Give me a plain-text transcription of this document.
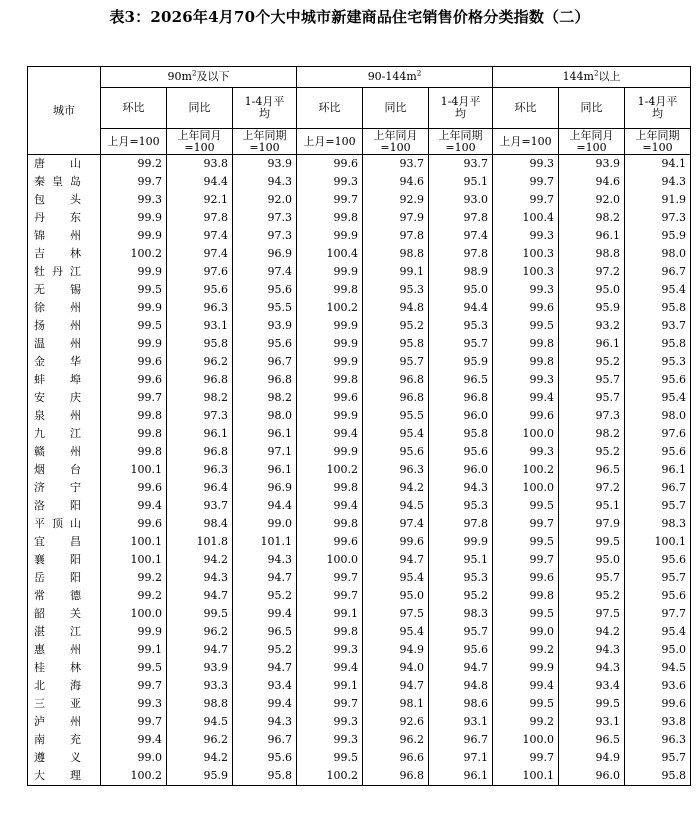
表3：2026年4月70个大中城市新建商品住宅销售价格分类指数（二）
城市	$90m^2$及以下			$90-144m^2$			$144m^2$以上		
	环比	同比	1-4月平均	环比	同比	1-4月平均	环比	同比	1-4月平均
	上月=100	上年同月=100	上年同期=100	上月=100	上年同月=100	上年同期=100	上月=100	上年同月=100	上年同期=100
唐山	99.2	93.8	93.9	99.6	93.7	93.7	99.3	93.9	94.1
秦皇岛	99.7	94.4	94.3	99.3	94.6	95.1	99.7	94.6	94.3
包头	99.3	92.1	92.0	99.7	92.9	93.0	99.7	92.0	91.9
丹东	99.9	97.8	97.3	99.8	97.9	97.8	100.4	98.2	97.3
锦州	99.9	97.4	97.3	99.9	97.8	97.4	99.3	96.1	95.9
吉林	100.2	97.4	96.9	100.4	98.8	97.8	100.3	98.8	98.0
牡丹江	99.9	97.6	97.4	99.9	99.1	98.9	100.3	97.2	96.7
无锡	99.5	95.6	95.6	99.8	95.3	95.0	99.3	95.0	95.4
徐州	99.9	96.3	95.5	100.2	94.8	94.4	99.6	95.9	95.8
扬州	99.5	93.1	93.9	99.9	95.2	95.3	99.5	93.2	93.7
温州	99.9	95.8	95.6	99.9	95.8	95.7	99.8	96.1	95.8
金华	99.6	96.2	96.7	99.9	95.7	95.9	99.8	95.2	95.3
蚌埠	99.6	96.8	96.8	99.8	96.8	96.5	99.3	95.7	95.6
安庆	99.7	98.2	98.2	99.6	96.8	96.8	99.4	95.7	95.4
泉州	99.8	97.3	98.0	99.9	95.5	96.0	99.6	97.3	98.0
九江	99.8	96.1	96.1	99.4	95.4	95.8	100.0	98.2	97.6
赣州	99.8	96.8	97.1	99.9	95.6	95.6	99.3	95.2	95.6
烟台	100.1	96.3	96.1	100.2	96.3	96.0	100.2	96.5	96.1
济宁	99.6	96.4	96.9	99.8	94.2	94.3	100.0	97.2	96.7
洛阳	99.4	93.7	94.4	99.4	94.5	95.3	99.5	95.1	95.7
平顶山	99.6	98.4	99.0	99.8	97.4	97.8	99.7	97.9	98.3
宜昌	100.1	101.8	101.1	99.6	99.6	99.9	99.5	99.5	100.1
襄阳	100.1	94.2	94.3	100.0	94.7	95.1	99.7	95.0	95.6
岳阳	99.2	94.3	94.7	99.7	95.4	95.3	99.6	95.7	95.7
常德	99.2	94.7	95.2	99.7	95.0	95.2	99.8	95.2	95.6
韶关	100.0	99.5	99.4	99.1	97.5	98.3	99.5	97.5	97.7
湛江	99.9	96.2	96.5	99.8	95.4	95.7	99.0	94.2	95.4
惠州	99.1	94.7	95.2	99.3	94.9	95.6	99.2	94.3	95.0
桂林	99.5	93.9	94.7	99.4	94.0	94.7	99.9	94.3	94.5
北海	99.7	93.3	93.4	99.1	94.7	94.8	99.4	93.4	93.6
三亚	99.3	98.8	99.4	99.7	98.1	98.6	99.5	99.5	99.6
泸州	99.7	94.5	94.3	99.3	92.6	93.1	99.2	93.1	93.8
南充	99.4	96.2	96.7	99.3	96.2	96.7	100.0	96.5	96.3
遵义	99.0	94.2	95.6	99.5	96.6	97.1	99.7	94.9	95.7
大理	100.2	95.9	95.8	100.2	96.8	96.1	100.1	96.0	95.8
